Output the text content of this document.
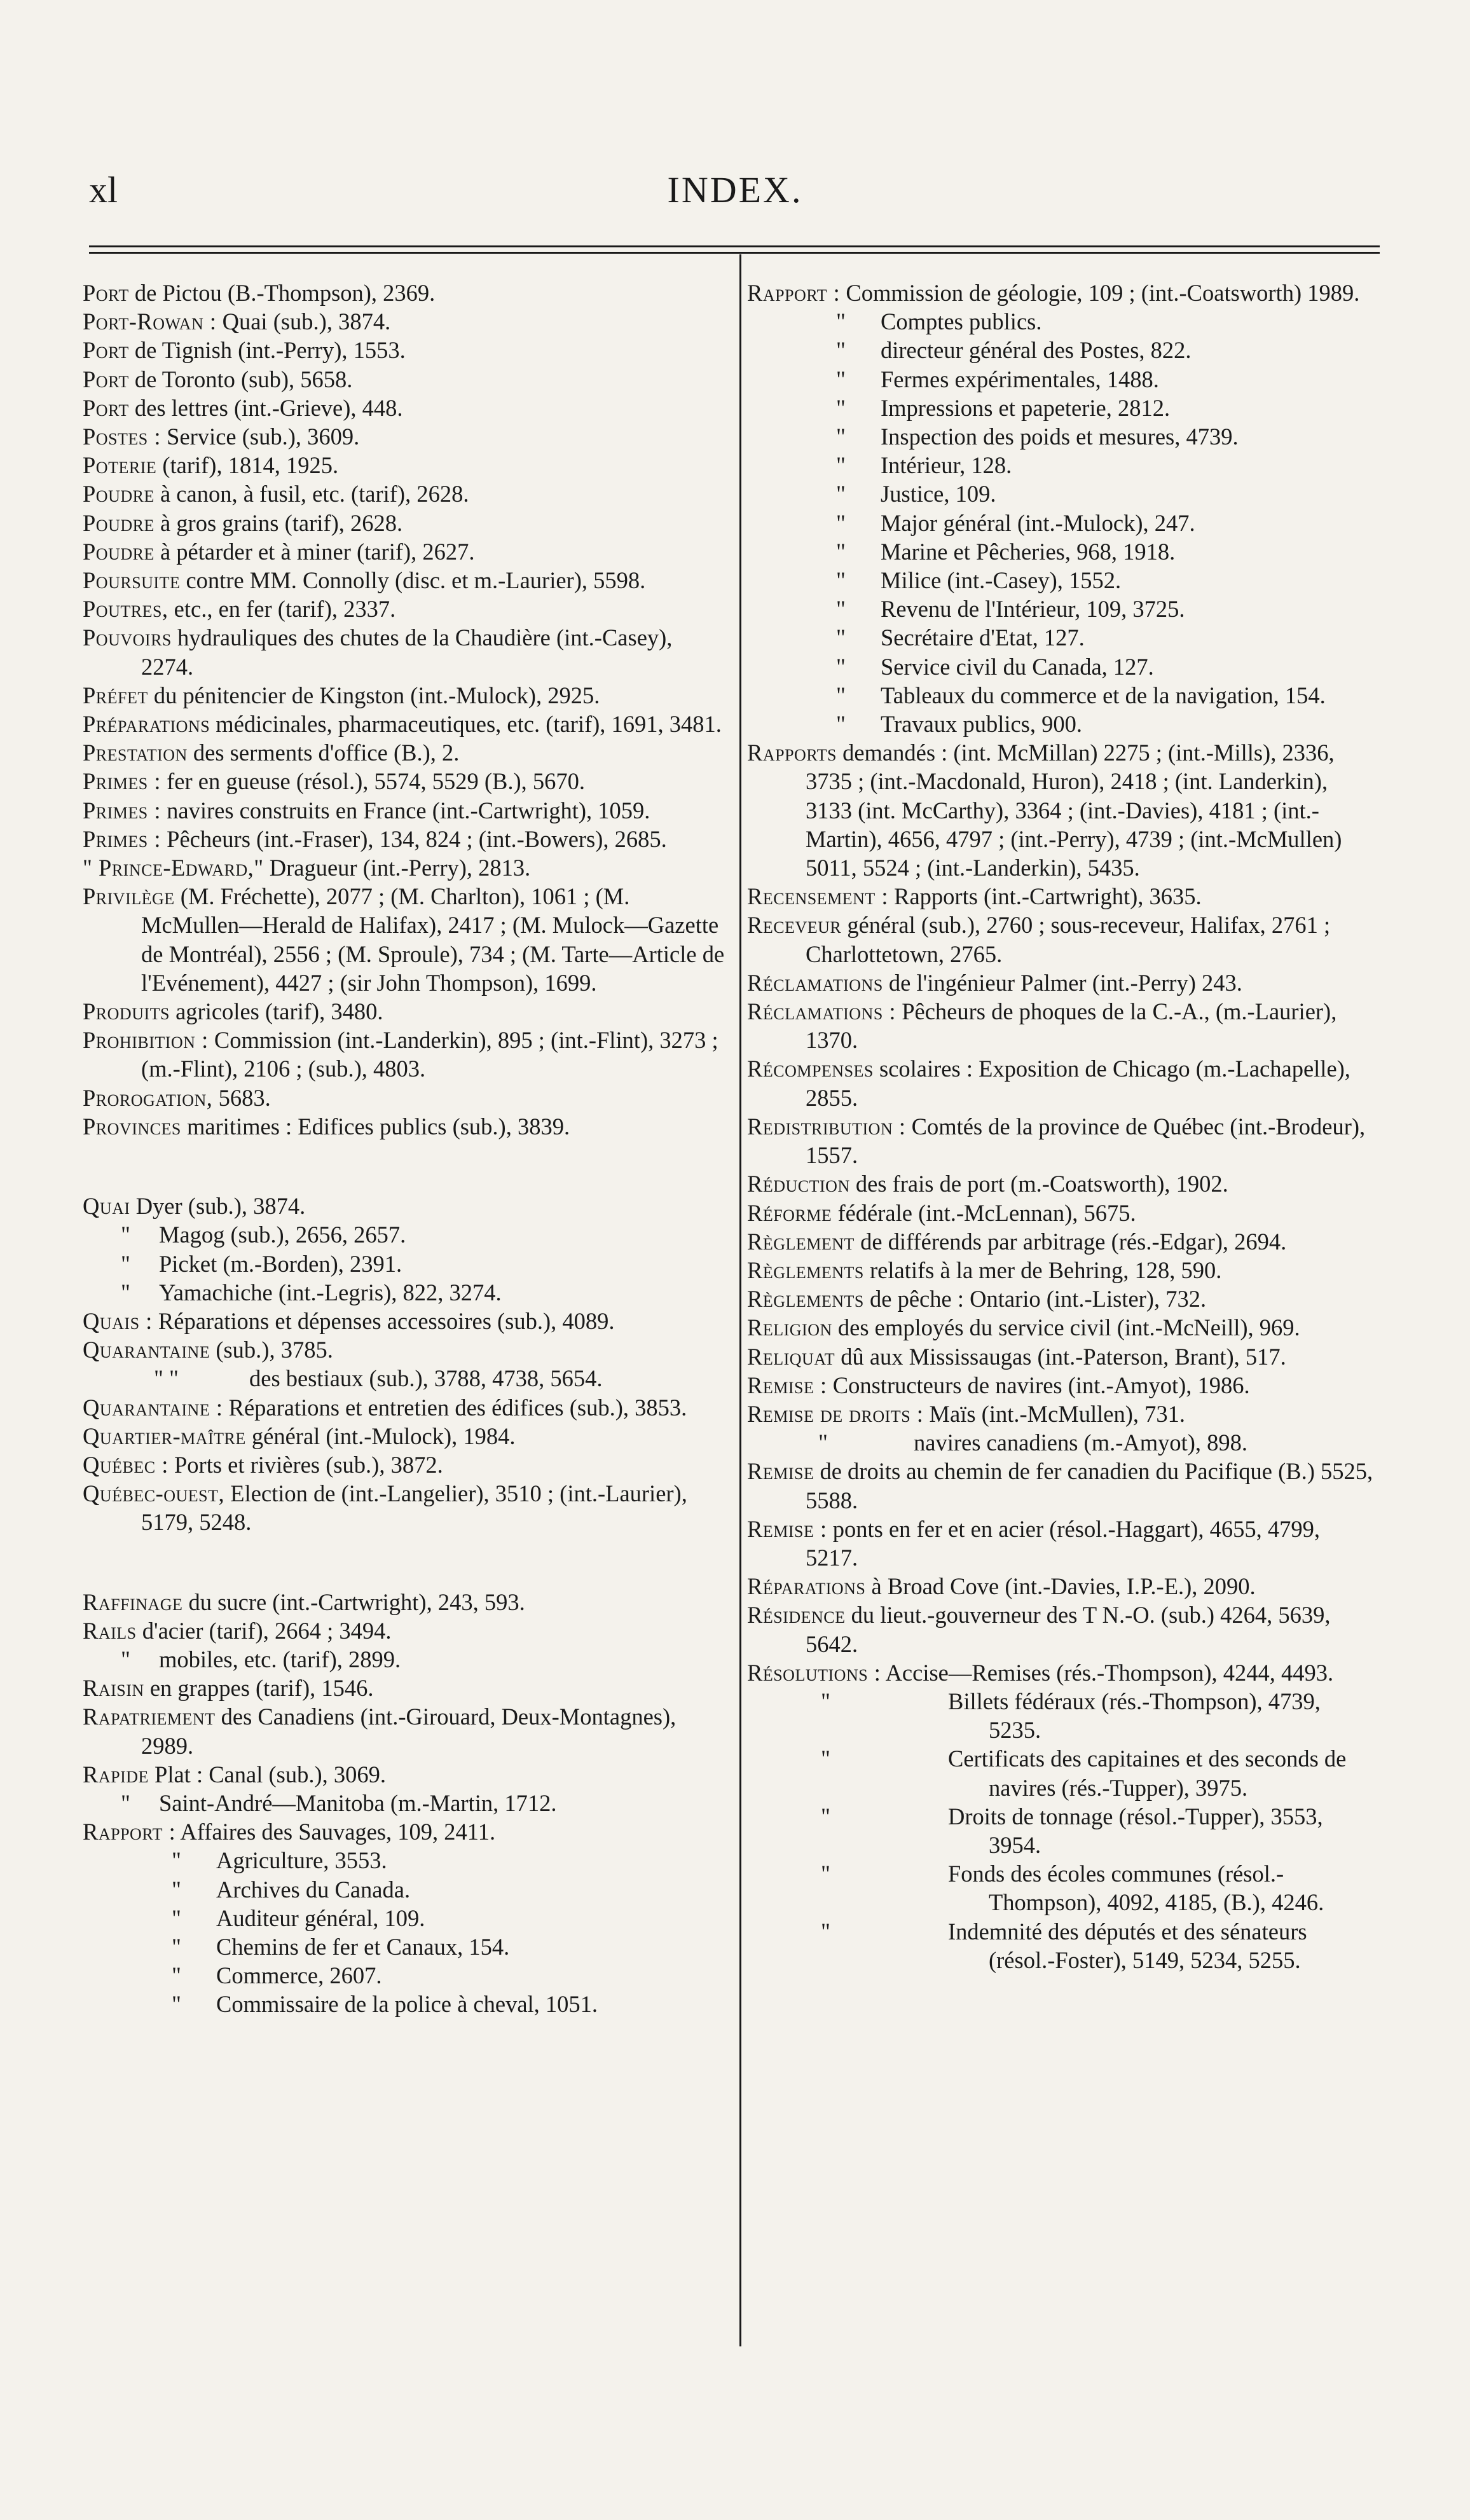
xl	INDEX.
Port de Pictou (B.-Thompson), 2369.
Port-Rowan : Quai (sub.), 3874.
Port de Tignish (int.-Perry), 1553.
Port de Toronto (sub), 5658.
Port des lettres (int.-Grieve), 448.
Postes : Service (sub.), 3609.
Poterie (tarif), 1814, 1925.
Poudre à canon, à fusil, etc. (tarif), 2628.
Poudre à gros grains (tarif), 2628.
Poudre à pétarder et à miner (tarif), 2627.
Poursuite contre MM. Connolly (disc. et m.-Laurier), 5598.
Poutres, etc., en fer (tarif), 2337.
Pouvoirs hydrauliques des chutes de la Chaudière (int.-Casey), 2274.
Préfet du pénitencier de Kingston (int.-Mulock), 2925.
Préparations médicinales, pharmaceutiques, etc. (tarif), 1691, 3481.
Prestation des serments d'office (B.), 2.
Primes : fer en gueuse (résol.), 5574, 5529 (B.), 5670.
Primes : navires construits en France (int.-Cartwright), 1059.
Primes : Pêcheurs (int.-Fraser), 134, 824 ; (int.-Bowers), 2685.
" Prince-Edward," Dragueur (int.-Perry), 2813.
Privilège (M. Fréchette), 2077 ; (M. Charlton), 1061 ; (M. McMullen—Herald de Halifax), 2417 ; (M. Mulock—Gazette de Montréal), 2556 ; (M. Sproule), 734 ; (M. Tarte—Article de l'Evénement), 4427 ; (sir John Thompson), 1699.
Produits agricoles (tarif), 3480.
Prohibition : Commission (int.-Landerkin), 895 ; (int.-Flint), 3273 ; (m.-Flint), 2106 ; (sub.), 4803.
Prorogation, 5683.
Provinces maritimes : Edifices publics (sub.), 3839.
Quai Dyer (sub.), 3874.
"	Magog (sub.), 2656, 2657.
"	Picket (m.-Borden), 2391.
"	Yamachiche (int.-Legris), 822, 3274.
Quais : Réparations et dépenses accessoires (sub.), 4089.
Quarantaine (sub.), 3785.
" "	des bestiaux (sub.), 3788, 4738, 5654.
Quarantaine : Réparations et entretien des édifices (sub.), 3853.
Quartier-maître général (int.-Mulock), 1984.
Québec : Ports et rivières (sub.), 3872.
Québec-ouest, Election de (int.-Langelier), 3510 ; (int.-Laurier), 5179, 5248.
Raffinage du sucre (int.-Cartwright), 243, 593.
Rails d'acier (tarif), 2664 ; 3494.
"	mobiles, etc. (tarif), 2899.
Raisin en grappes (tarif), 1546.
Rapatriement des Canadiens (int.-Girouard, Deux-Montagnes), 2989.
Rapide Plat : Canal (sub.), 3069.
"	Saint-André—Manitoba (m.-Martin, 1712.
Rapport : Affaires des Sauvages, 109, 2411.
"	Agriculture, 3553.
"	Archives du Canada.
"	Auditeur général, 109.
"	Chemins de fer et Canaux, 154.
"	Commerce, 2607.
"	Commissaire de la police à cheval, 1051.
Rapport : Commission de géologie, 109 ; (int.-Coatsworth) 1989.
"	Comptes publics.
"	directeur général des Postes, 822.
"	Fermes expérimentales, 1488.
"	Impressions et papeterie, 2812.
"	Inspection des poids et mesures, 4739.
"	Intérieur, 128.
"	Justice, 109.
"	Major général (int.-Mulock), 247.
"	Marine et Pêcheries, 968, 1918.
"	Milice (int.-Casey), 1552.
"	Revenu de l'Intérieur, 109, 3725.
"	Secrétaire d'Etat, 127.
"	Service civil du Canada, 127.
"	Tableaux du commerce et de la navigation, 154.
"	Travaux publics, 900.
Rapports demandés : (int. McMillan) 2275 ; (int.-Mills), 2336, 3735 ; (int.-Macdonald, Huron), 2418 ; (int. Landerkin), 3133 (int. McCarthy), 3364 ; (int.-Davies), 4181 ; (int.-Martin), 4656, 4797 ; (int.-Perry), 4739 ; (int.-McMullen) 5011, 5524 ; (int.-Landerkin), 5435.
Recensement : Rapports (int.-Cartwright), 3635.
Receveur général (sub.), 2760 ; sous-receveur, Halifax, 2761 ; Charlottetown, 2765.
Réclamations de l'ingénieur Palmer (int.-Perry) 243.
Réclamations : Pêcheurs de phoques de la C.-A., (m.-Laurier), 1370.
Récompenses scolaires : Exposition de Chicago (m.-Lachapelle), 2855.
Redistribution : Comtés de la province de Québec (int.-Brodeur), 1557.
Réduction des frais de port (m.-Coatsworth), 1902.
Réforme fédérale (int.-McLennan), 5675.
Règlement de différends par arbitrage (rés.-Edgar), 2694.
Règlements relatifs à la mer de Behring, 128, 590.
Règlements de pêche : Ontario (int.-Lister), 732.
Religion des employés du service civil (int.-McNeill), 969.
Reliquat dû aux Mississaugas (int.-Paterson, Brant), 517.
Remise : Constructeurs de navires (int.-Amyot), 1986.
Remise de droits : Maïs (int.-McMullen), 731.
"	navires canadiens (m.-Amyot), 898.
Remise de droits au chemin de fer canadien du Pacifique (B.) 5525, 5588.
Remise : ponts en fer et en acier (résol.-Haggart), 4655, 4799, 5217.
Réparations à Broad Cove (int.-Davies, I.P.-E.), 2090.
Résidence du lieut.-gouverneur des T N.-O. (sub.) 4264, 5639, 5642.
Résolutions : Accise—Remises (rés.-Thompson), 4244, 4493.
"	Billets fédéraux (rés.-Thompson), 4739, 5235.
"	Certificats des capitaines et des seconds de navires (rés.-Tupper), 3975.
"	Droits de tonnage (résol.-Tupper), 3553, 3954.
"	Fonds des écoles communes (résol.-Thompson), 4092, 4185, (B.), 4246.
"	Indemnité des députés et des sénateurs (résol.-Foster), 5149, 5234, 5255.
